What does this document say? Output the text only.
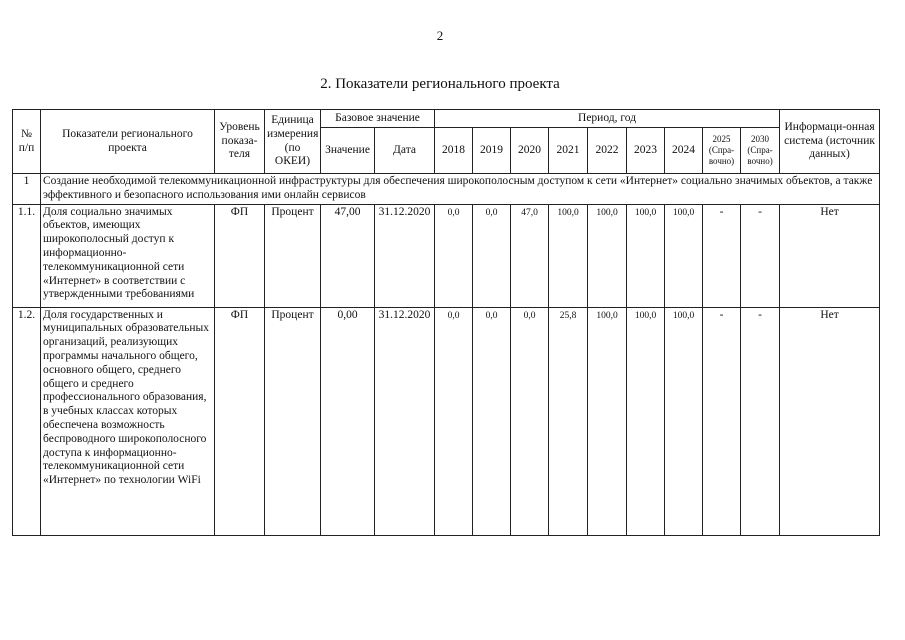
2
2. Показатели регионального проекта
№ п/п	Показатели регионального проекта	Уровень показа-теля	Единица измерения (по ОКЕИ)	Базовое значение		Период, год									Информаци-онная система (источник данных)
				Значение	Дата	2018	2019	2020	2021	2022	2023	2024	2025 (Спра-вочно)	2030 (Спра-вочно)	
1	Создание необходимой телекоммуникационной инфраструктуры для обеспечения широкополосным доступом к сети «Интернет» социально значимых объектов, а также эффективного и безопасного использования ими онлайн сервисов														
1.1.	Доля социально значимых объектов, имеющих широкополосный доступ к информационно-телекоммуникационной сети «Интернет» в соответствии с утвержденными требованиями	ФП	Процент	47,00	31.12.2020	0,0	0,0	47,0	100,0	100,0	100,0	100,0	-	-	Нет
1.2.	Доля государственных и муниципальных образовательных организаций, реализующих программы начального общего, основного общего, среднего общего и среднего профессионального образования, в учебных классах которых обеспечена возможность беспроводного широкополосного доступа к информационно-телекоммуникационной сети «Интернет» по технологии WiFi	ФП	Процент	0,00	31.12.2020	0,0	0,0	0,0	25,8	100,0	100,0	100,0	-	-	Нет
